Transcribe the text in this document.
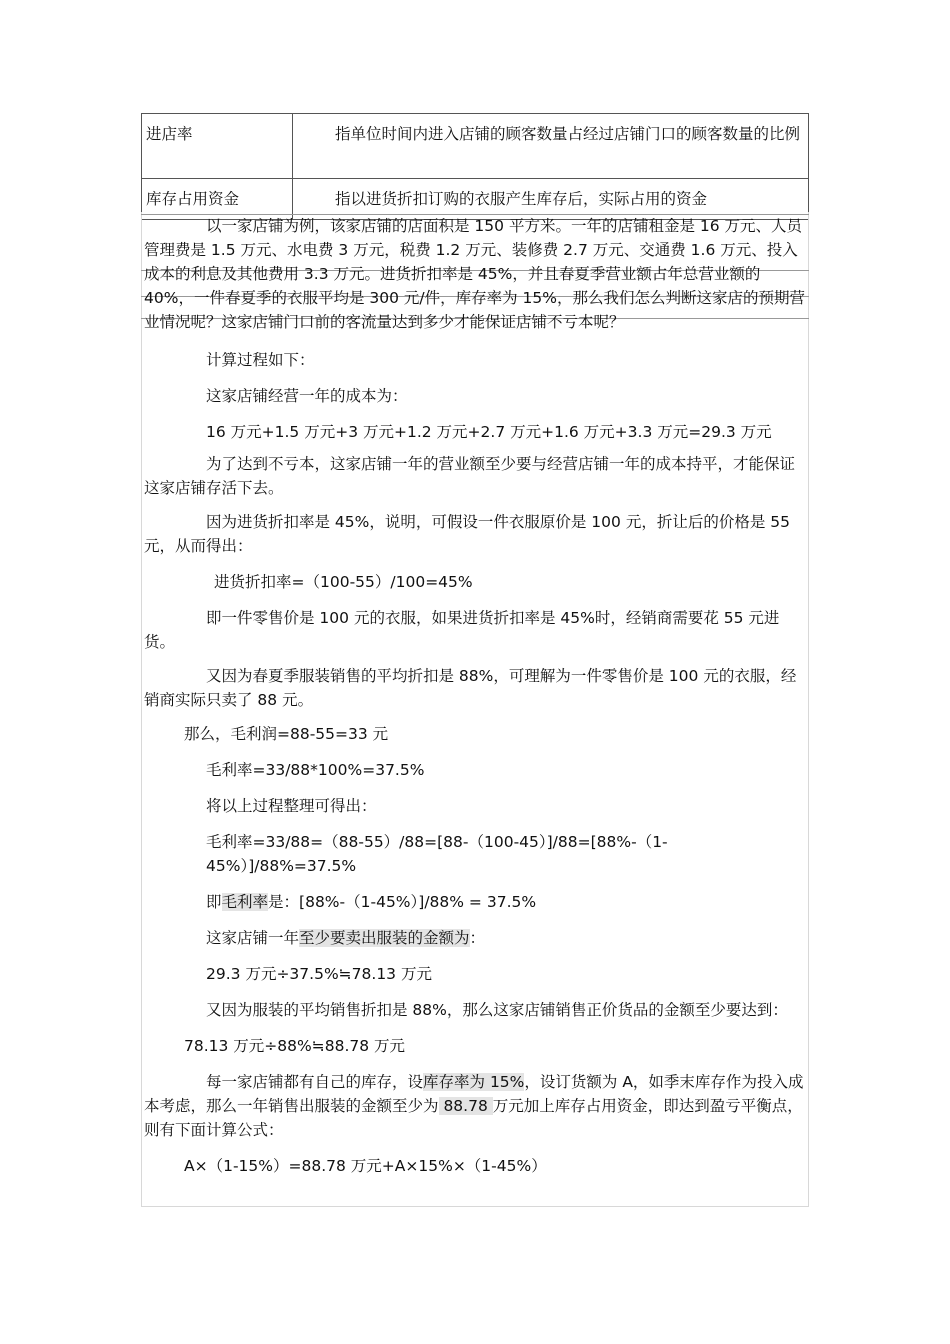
进店率	指单位时间内进入店铺的顾客数量占经过店铺门口的顾客数量的比例
库存占用资金	指以进货折扣订购的衣服产生库存后，实际占用的资金

以一家店铺为例，该家店铺的店面积是 150 平方米。一年的店铺租金是 16 万元、人员管理费是 1.5 万元、水电费 3 万元，税费 1.2 万元、装修费 2.7 万元、交通费 1.6 万元、投入成本的利息及其他费用 3.3 万元。进货折扣率是 45%，并且春夏季营业额占年总营业额的 40%，一件春夏季的衣服平均是 300 元/件，库存率为 15%，那么我们怎么判断这家店的预期营业情况呢？这家店铺门口前的客流量达到多少才能保证店铺不亏本呢？

计算过程如下：

这家店铺经营一年的成本为：

16 万元+1.5 万元+3 万元+1.2 万元+2.7 万元+1.6 万元+3.3 万元=29.3 万元

为了达到不亏本，这家店铺一年的营业额至少要与经营店铺一年的成本持平，才能保证这家店铺存活下去。

因为进货折扣率是 45%，说明，可假设一件衣服原价是 100 元，折让后的价格是 55 元，从而得出：

进货折扣率=（100-55）/100=45%

即一件零售价是 100 元的衣服，如果进货折扣率是 45%时，经销商需要花 55 元进货。

又因为春夏季服装销售的平均折扣是 88%，可理解为一件零售价是 100 元的衣服，经销商实际只卖了 88 元。

那么，毛利润=88-55=33 元

毛利率=33/88*100%=37.5%

将以上过程整理可得出：

毛利率=33/88=（88-55）/88=[88-（100-45）]/88=[88%-（1-45%）]/88%=37.5%

即毛利率是：[88%-（1-45%）]/88% = 37.5%

这家店铺一年至少要卖出服装的金额为：

29.3 万元÷37.5%≒78.13 万元

又因为服装的平均销售折扣是 88%，那么这家店铺销售正价货品的金额至少要达到：

78.13 万元÷88%≒88.78 万元

每一家店铺都有自己的库存，设库存率为 15%，设订货额为 A，如季末库存作为投入成本考虑，那么一年销售出服装的金额至少为 88.78 万元加上库存占用资金，即达到盈亏平衡点，则有下面计算公式：

A×（1-15%）=88.78 万元+A×15%×（1-45%）
